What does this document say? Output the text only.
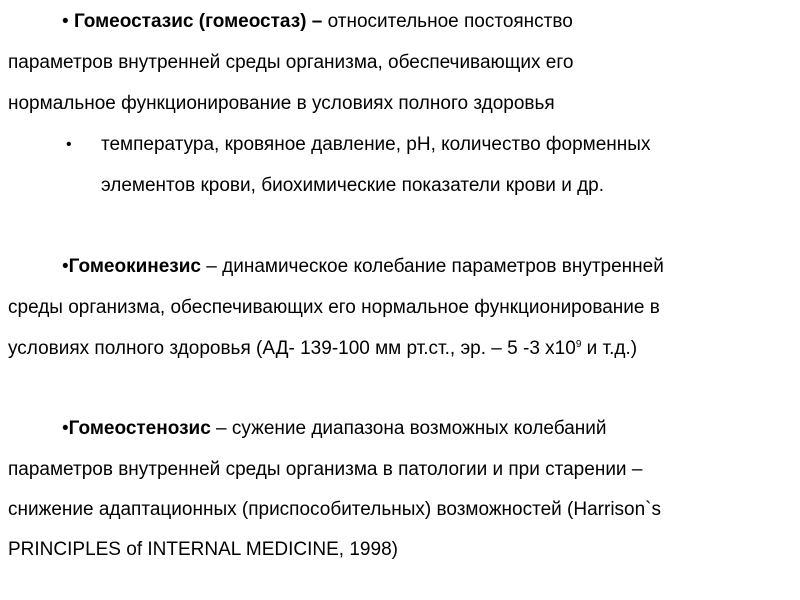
• Гомеостазис (гомеостаз) – относительное постоянство
параметров внутренней среды организма, обеспечивающих его
нормальное функционирование в условиях полного здоровья
• температура, кровяное давление, рН, количество форменных
элементов крови, биохимические показатели крови и др.
•Гомеокинезис – динамическое колебание параметров внутренней
среды организма, обеспечивающих его нормальное функционирование в
условиях полного здоровья (АД- 139-100 мм рт.ст., эр. – 5 -3 $х10^9$ и т.д.)
•Гомеостенозис – сужение диапазона возможных колебаний
параметров внутренней среды организма в патологии и при старении –
снижение адаптационных (приспособительных) возможностей (Harrison`s
PRINCIPLES of INTERNAL MEDICINE, 1998)
